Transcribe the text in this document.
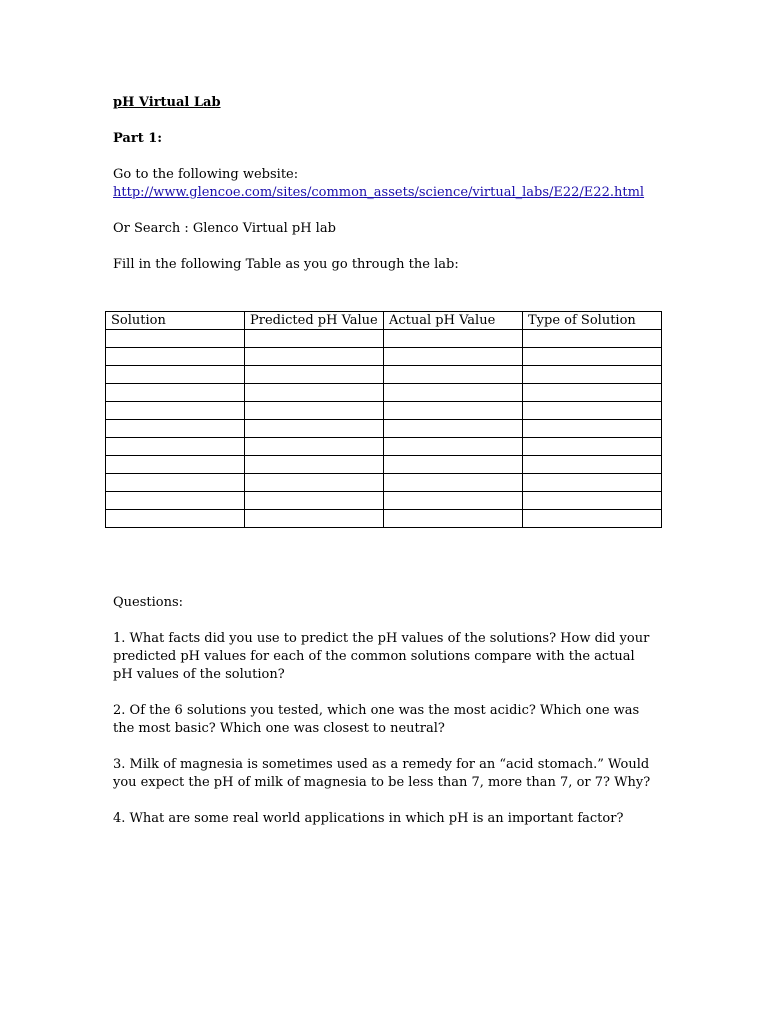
pH Virtual Lab

Part 1:

Go to the following website:

http://www.glencoe.com/sites/common_assets/science/virtual_labs/E22/E22.html

Or Search : Glenco Virtual pH lab

Fill in the following Table as you go through the lab:

Solution	Predicted pH Value	Actual pH Value	Type of Solution

Questions:

1. What facts did you use to predict the pH values of the solutions? How did your predicted pH values for each of the common solutions compare with the actual pH values of the solution?

2. Of the 6 solutions you tested, which one was the most acidic? Which one was the most basic? Which one was closest to neutral?

3. Milk of magnesia is sometimes used as a remedy for an “acid stomach.” Would you expect the pH of milk of magnesia to be less than 7, more than 7, or 7? Why?

4. What are some real world applications in which pH is an important factor?
